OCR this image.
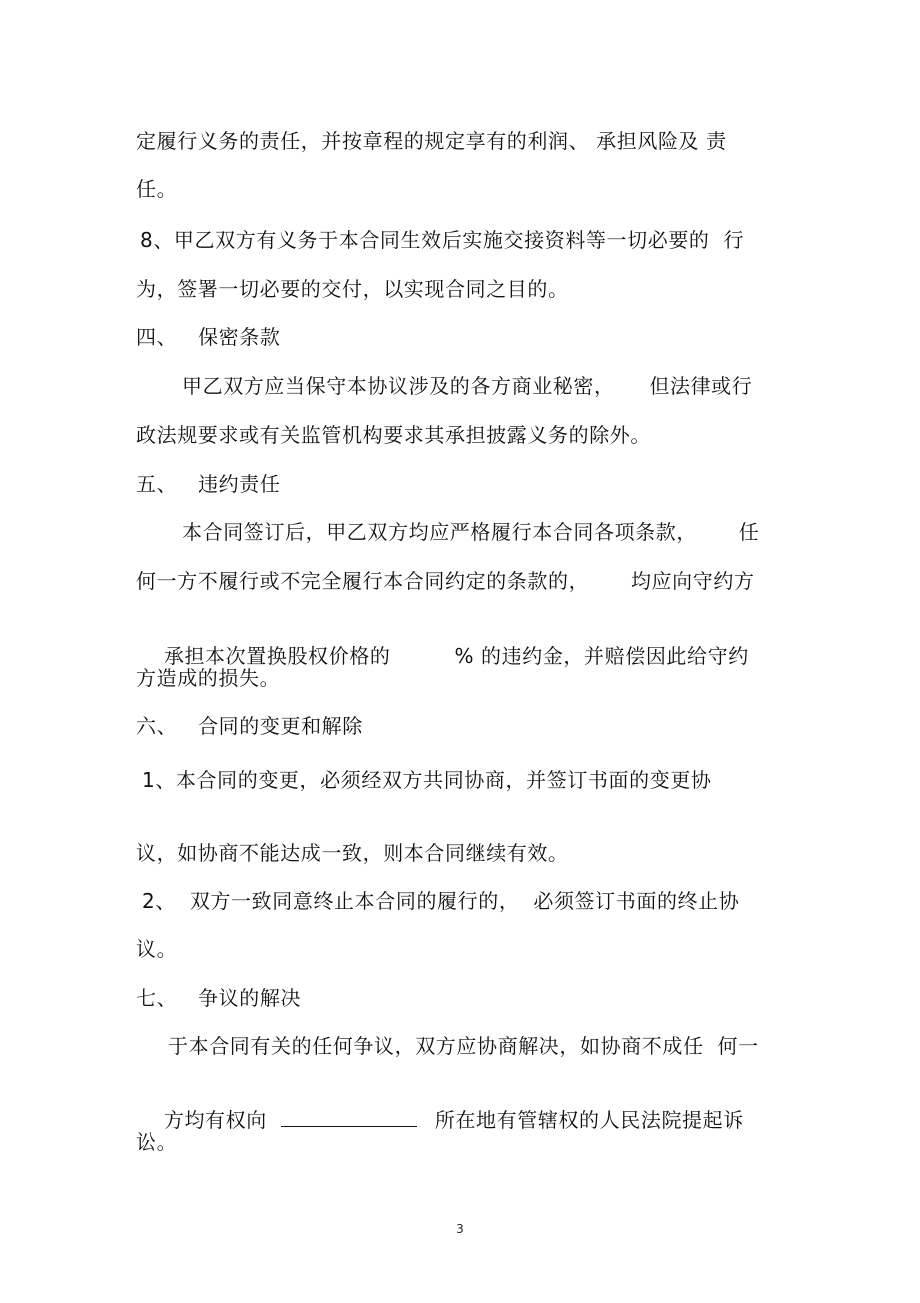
定履行义务的责任，并按章程的规定享有的利润、 承担风险及 责
任。
8、甲乙双方有义务于本合同生效后实施交接资料等一切必要的  行
为，签署一切必要的交付，以实现合同之目的。
四、   保密条款
甲乙双方应当保守本协议涉及的各方商业秘密，     但法律或行
政法规要求或有关监管机构要求其承担披露义务的除外。
五、   违约责任
本合同签订后，甲乙双方均应严格履行本合同各项条款，      任
何一方不履行或不完全履行本合同约定的条款的，      均应向守约方

承担本次置换股权价格的	% 的违约金，并赔偿因此给守约

方造成的损失。
六、   合同的变更和解除
1、本合同的变更，必须经双方共同协商，并签订书面的变更协
议，如协商不能达成一致，则本合同继续有效。
2、  双方一致同意终止本合同的履行的，  必须签订书面的终止协
议。
七、   争议的解决
于本合同有关的任何争议，双方应协商解决，如协商不成任  何一

方均有权向	所在地有管辖权的人民法院提起诉

讼。
3
